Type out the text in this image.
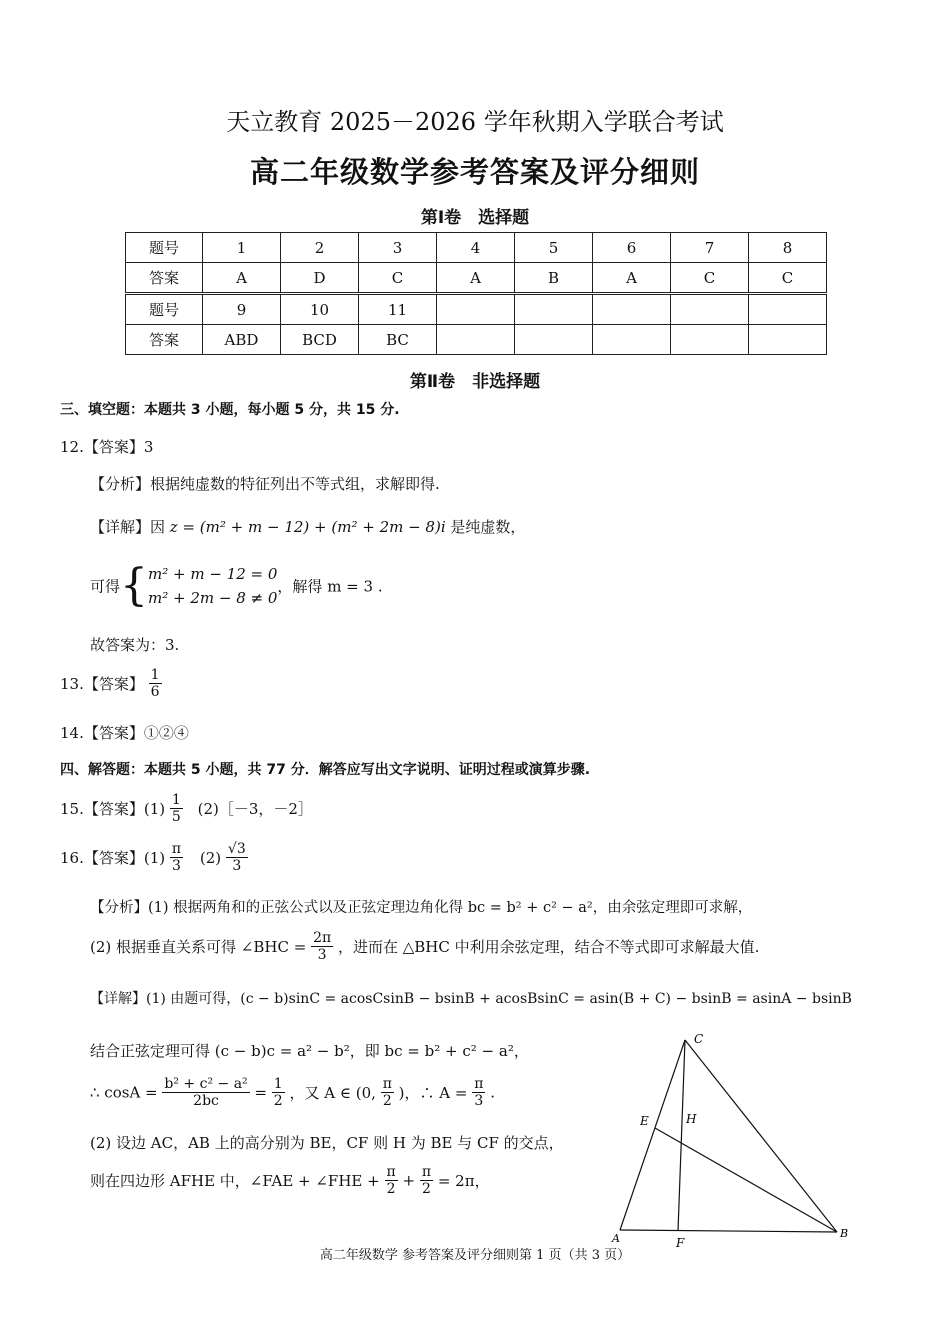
天立教育 2025－2026 学年秋期入学联合考试
高二年级数学参考答案及评分细则
第Ⅰ卷　选择题
题号	1	2	3	4	5	6	7	8
答案	A	D	C	A	B	A	C	C
题号	9	10	11					
答案	ABD	BCD	BC					
第Ⅱ卷　非选择题
三、填空题：本题共 3 小题，每小题 5 分，共 15 分.
12.【答案】3
【分析】根据纯虚数的特征列出不等式组，求解即得.
【详解】因 z = (m² + m − 12) + (m² + 2m − 8)i 是纯虚数，
可得{ m² + m − 12 = 0
m² + 2m − 8 ≠ 0
，解得 m = 3 .
故答案为：3.
13.【答案】 $\frac{1}{6}$
14.【答案】①②④
四、解答题：本题共 5 小题，共 77 分．解答应写出文字说明、证明过程或演算步骤.
15.【答案】$(1) \frac{1}{5}$ (2)［－3，－2］
16.【答案】$(1) \frac{\pi}{3} (2) \frac{√3}{3}$
【分析】(1) 根据两角和的正弦公式以及正弦定理边角化得 bc = b² + c² − a²，由余弦定理即可求解，
(2) 根据垂直关系可得 ∠BHC = $\frac{2\pi}{3}$ ，进而在 △BHC 中利用余弦定理，结合不等式即可求解最大值.
【详解】(1) 由题可得，(c − b)sinC = acosCsinB − bsinB + acosBsinC = asin(B + C) − bsinB = asinA − bsinB
结合正弦定理可得 (c − b)c = a² − b²，即 bc = b² + c² − a²，
∴ $\cos A = \frac{\text{b² + c² − a²}}{2bc} = \frac{1}{2}$ ，又 A ∈ (0, $\frac{\pi}{2}$ )，∴ $A = \frac{\pi}{3}$ .
(2) 设边 AC，AB 上的高分别为 BE，CF 则 H 为 BE 与 CF 的交点，
则在四边形 AFHE 中，∠FAE + ∠FHE + $\frac{\pi}{2} + \frac{\pi}{2} = 2\pi$，
C
E	H
A	F
B
高二年级数学 参考答案及评分细则第 1 页（共 3 页）
